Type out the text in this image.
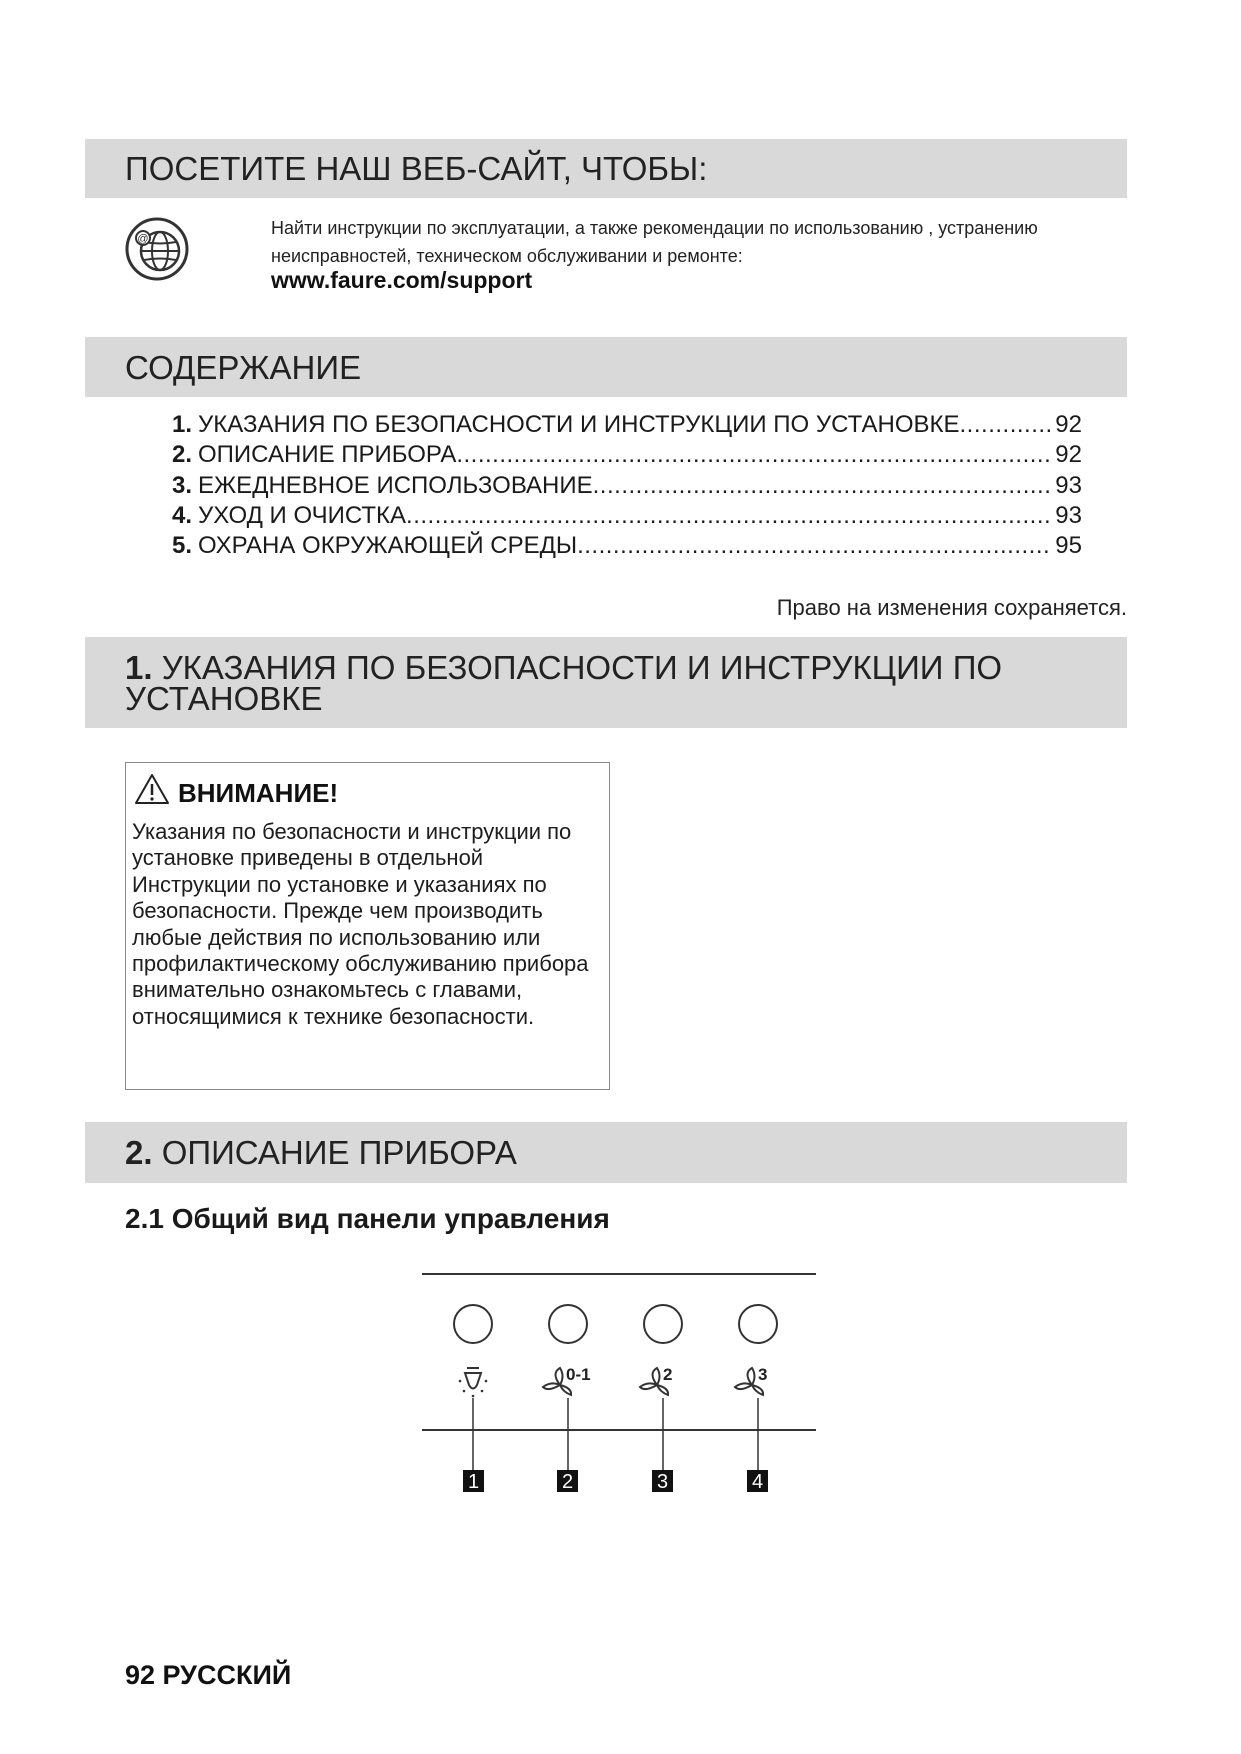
ПОСЕТИТЕ НАШ ВЕБ-САЙТ, ЧТОБЫ:
@
Найти инструкции по эксплуатации, а также рекомендации по использованию , устранению неисправностей, техническом обслуживании и ремонте:
www.faure.com/support
СОДЕРЖАНИЕ
1. УКАЗАНИЯ ПО БЕЗОПАСНОСТИ И ИНСТРУКЦИИ ПО УСТАНОВКЕ .....	92
2. ОПИСАНИЕ ПРИБОРА .....	92
3. ЕЖЕДНЕВНОЕ ИСПОЛЬЗОВАНИЕ .....	93
4. УХОД И ОЧИСТКА .....	93
5. ОХРАНА ОКРУЖАЮЩЕЙ СРЕДЫ .....	95
Право на изменения сохраняется.
1. УКАЗАНИЯ ПО БЕЗОПАСНОСТИ И ИНСТРУКЦИИ ПО УСТАНОВКЕ
ВНИМАНИЕ!
Указания по безопасности и инструкции по установке приведены в отдельной Инструкции по установке и указаниях по безопасности. Прежде чем производить любые действия по использованию или профилактическому обслуживанию прибора внимательно ознакомьтесь с главами, относящимися к технике безопасности.
2. ОПИСАНИЕ ПРИБОРА
2.1 Общий вид панели управления
1
0-1
2
2
3
3
4
92 РУССКИЙ
